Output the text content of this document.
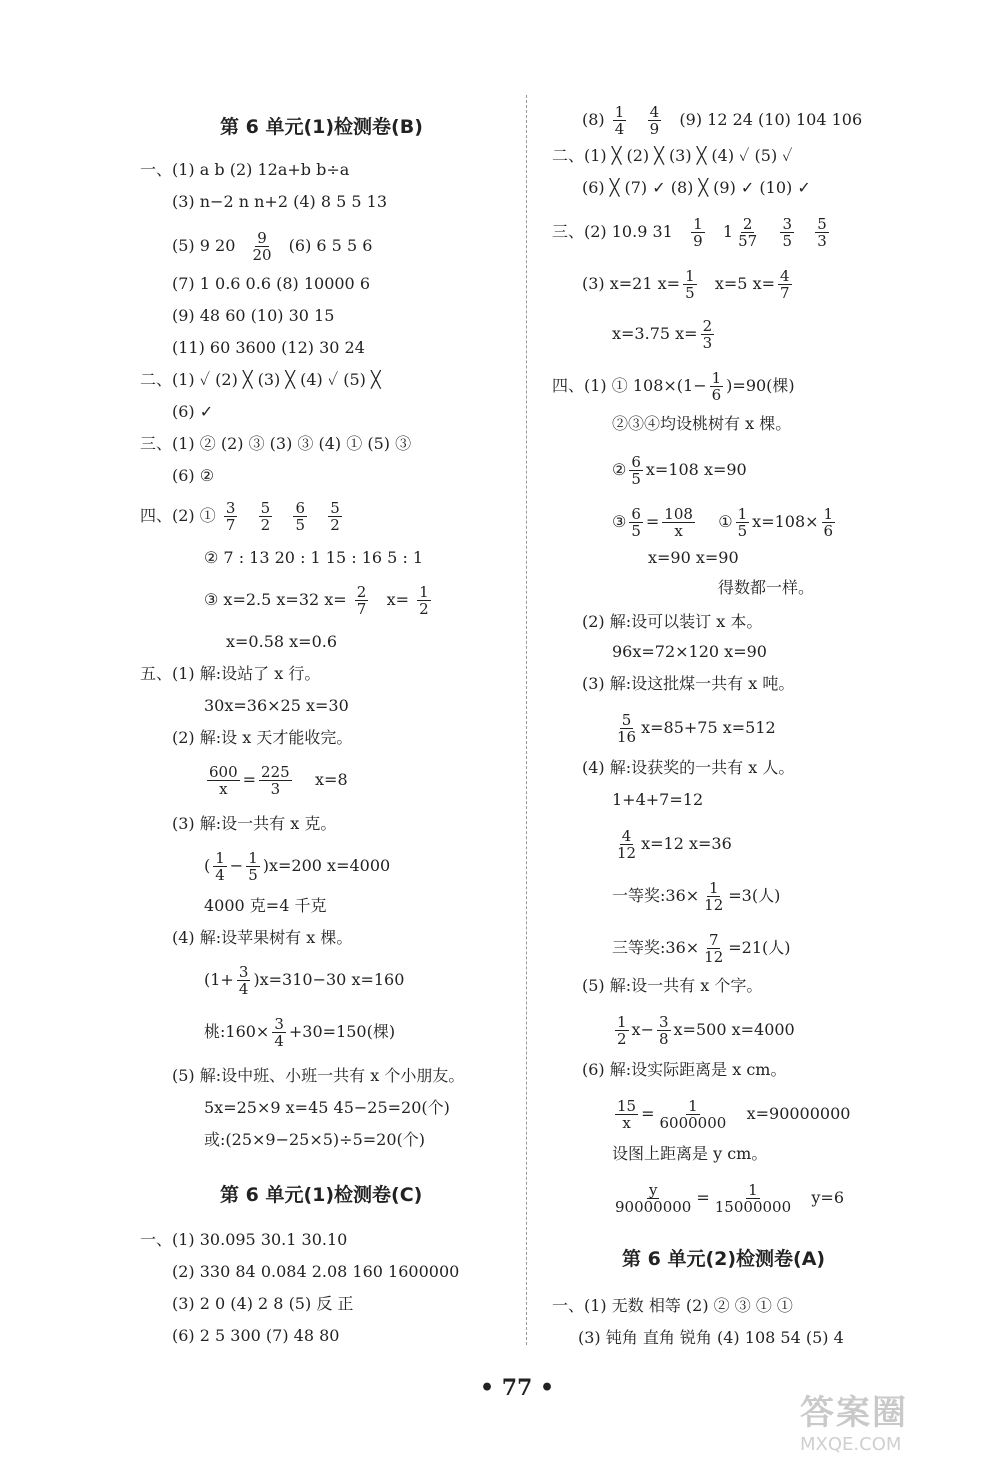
第 6 单元(1)检测卷(B)
一、(1) a b (2) 12a+b b÷a
(3) n−2 n n+2 (4) 8 5 5 13
(5) 9 $20 \frac{9}{20} (6)$ 6 5 5 6
(7) 1 0.6 0.6 (8) 10000 6
(9) 48 60 (10) 30 15
(11) 60 3600 (12) 30 24
二、(1) ✓ (2) ╳ (3) ╳ (4) ✓ (5) ╳
(6) ✓
三、(1) ② (2) ③ (3) ③ (4) ① (5) ③
(6) ②
四、(2) ① $\frac{3}{7}$
$\frac{5}{2}$
$\frac{6}{5}$
$\frac{5}{2}$
② 7 : 13 20 : 1 15 : 16 5 : 1
③ x=2.5 x=32 $x= \frac{2}{7} x= \frac{1}{2}$
x=0.58 x=0.6
五、(1) 解:设站了 x 行。
30x=36×25 x=30
(2) 解:设 x 天才能收完。
$\frac{600}{x} = \frac{225}{3} x=8$
(3) 解:设一共有 x 克。
( $\frac{1}{4} - \frac{1}{5} )x=200$ x=4000
4000 克=4 千克
(4) 解:设苹果树有 x 棵。
$(1+ \frac{3}{4} )x=310-30$ x=160
桃:160× $\frac{3}{4} +30=150$(棵)
(5) 解:设中班、小班一共有 x 个小朋友。
5x=25×9 x=45 45−25=20(个)
或:(25×9−25×5)÷5=20(个)
第 6 单元(1)检测卷(C)
一、(1) 30.095 30.1 30.10
(2) 330 84 0.084 2.08 160 1600000
(3) 2 0 (4) 2 8 (5) 反 正
(6) 2 5 300 (7) 48 80
$(8) \frac{1}{4}$
$\frac{4}{9} (9)$ 12 24 (10) 104 106
二、(1) ╳ (2) ╳ (3) ╳ (4) ✓ (5) ✓
(6) ╳ (7) ✓ (8) ╳ (9) ✓ (10) ✓
三、(2) 10.9 $31 \frac{1}{9} 1 \frac{2}{57}$
$\frac{3}{5}$
$\frac{5}{3}$
(3) x=21 $x= \frac{1}{5} x=5$ $x= \frac{4}{7}$
x=3.75 $x= \frac{2}{3}$
四、(1) ① $108\times(1- \frac{1}{6} )=90$(棵)
②③④均设桃树有 x 棵。
② $\frac{6}{5} x=108$ x=90
③ $\frac{6}{5} = \frac{108}{x}$ ① $\frac{1}{5} x=108\times \frac{1}{6}$
x=90 x=90
得数都一样。
(2) 解:设可以装订 x 本。
96x=72×120 x=90
(3) 解:设这批煤一共有 x 吨。
$\frac{5}{16} x=85+75$ x=512
(4) 解:设获奖的一共有 x 人。
1+4+7=12
$\frac{4}{12} x=12$ x=36
一等奖:36× $\frac{1}{12} =3$(人)
三等奖:36× $\frac{7}{12} =21$(人)
(5) 解:设一共有 x 个字。
$\frac{1}{2} x- \frac{3}{8} x=500$ x=4000
(6) 解:设实际距离是 x cm。
$\frac{15}{x} = \frac{1}{6000000} x=90000000$
设图上距离是 y cm。
$\frac{y}{90000000} = \frac{1}{15000000} y=6$
第 6 单元(2)检测卷(A)
一、(1) 无数 相等 (2) ② ③ ① ①
(3) 钝角 直角 锐角 (4) 108 54 (5) 4
• 77 •
答案圈
MXQE.COM
